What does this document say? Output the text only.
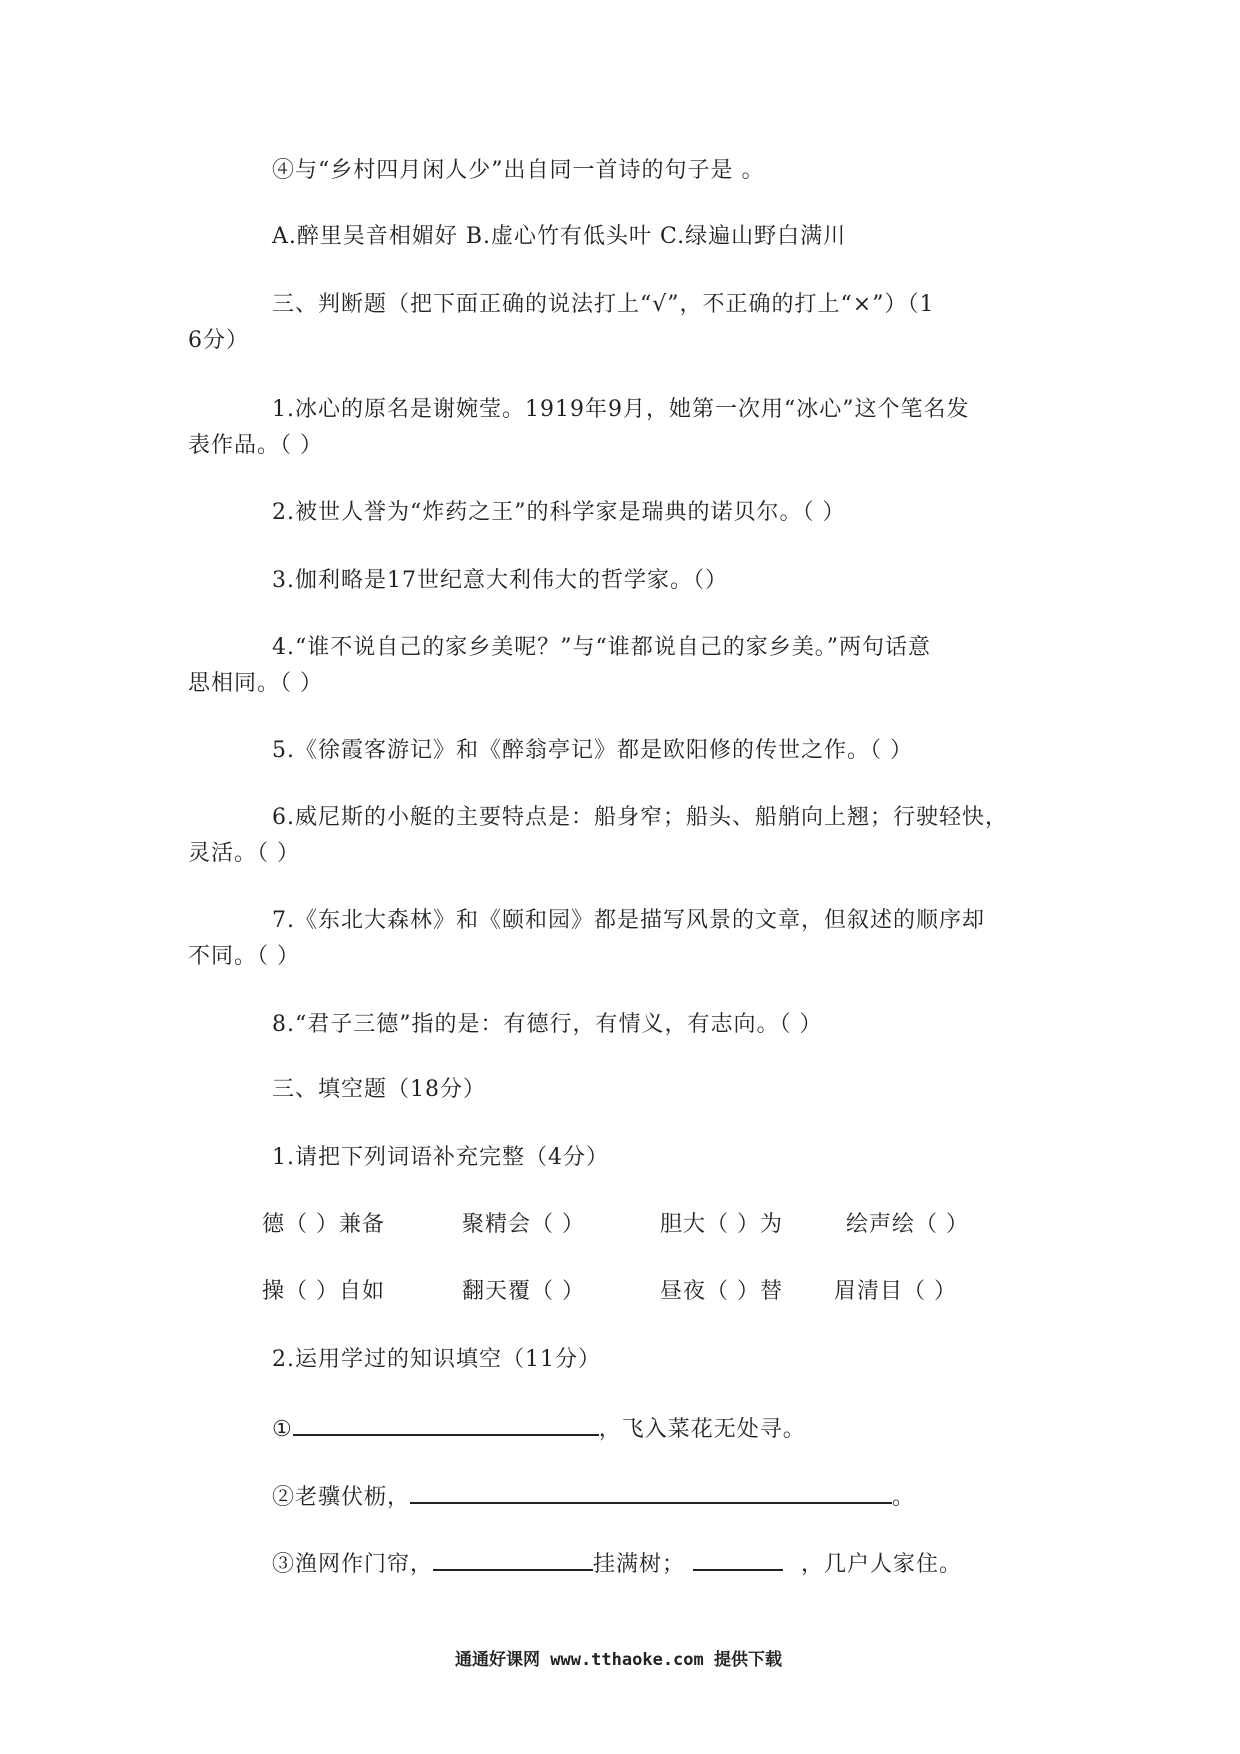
④与“乡村四月闲人少”出自同一首诗的句子是 。
A.醉里吴音相媚好 B.虚心竹有低头叶 C.绿遍山野白满川
三、判断题（把下面正确的说法打上“√”，不正确的打上“×”）（1
6分）
1.冰心的原名是谢婉莹。1919年9月，她第一次用“冰心”这个笔名发
表作品。（ ）
2.被世人誉为“炸药之王”的科学家是瑞典的诺贝尔。（ ）
3.伽利略是17世纪意大利伟大的哲学家。（）
4.“谁不说自己的家乡美呢？”与“谁都说自己的家乡美。”两句话意
思相同。（ ）
5.《徐霞客游记》和《醉翁亭记》都是欧阳修的传世之作。（ ）
6.威尼斯的小艇的主要特点是：船身窄；船头、船艄向上翘；行驶轻快，
灵活。（ ）
7.《东北大森林》和《颐和园》都是描写风景的文章，但叙述的顺序却
不同。（ ）
8.“君子三德”指的是：有德行，有情义，有志向。（ ）
三、填空题（18分）
1.请把下列词语补充完整（4分）
德（ ）兼备	聚精会（ ）	胆大（ ）为	绘声绘（ ）
操（ ）自如	翻天覆（ ）	昼夜（ ）替 眉清目（ ）
2.运用学过的知识填空（11分）
①	，飞入菜花无处寻。
②老骥伏枥，	。
③渔网作门帘，	挂满树；	，几户人家住。
通通好课网 www.tthaoke.com 提供下载
